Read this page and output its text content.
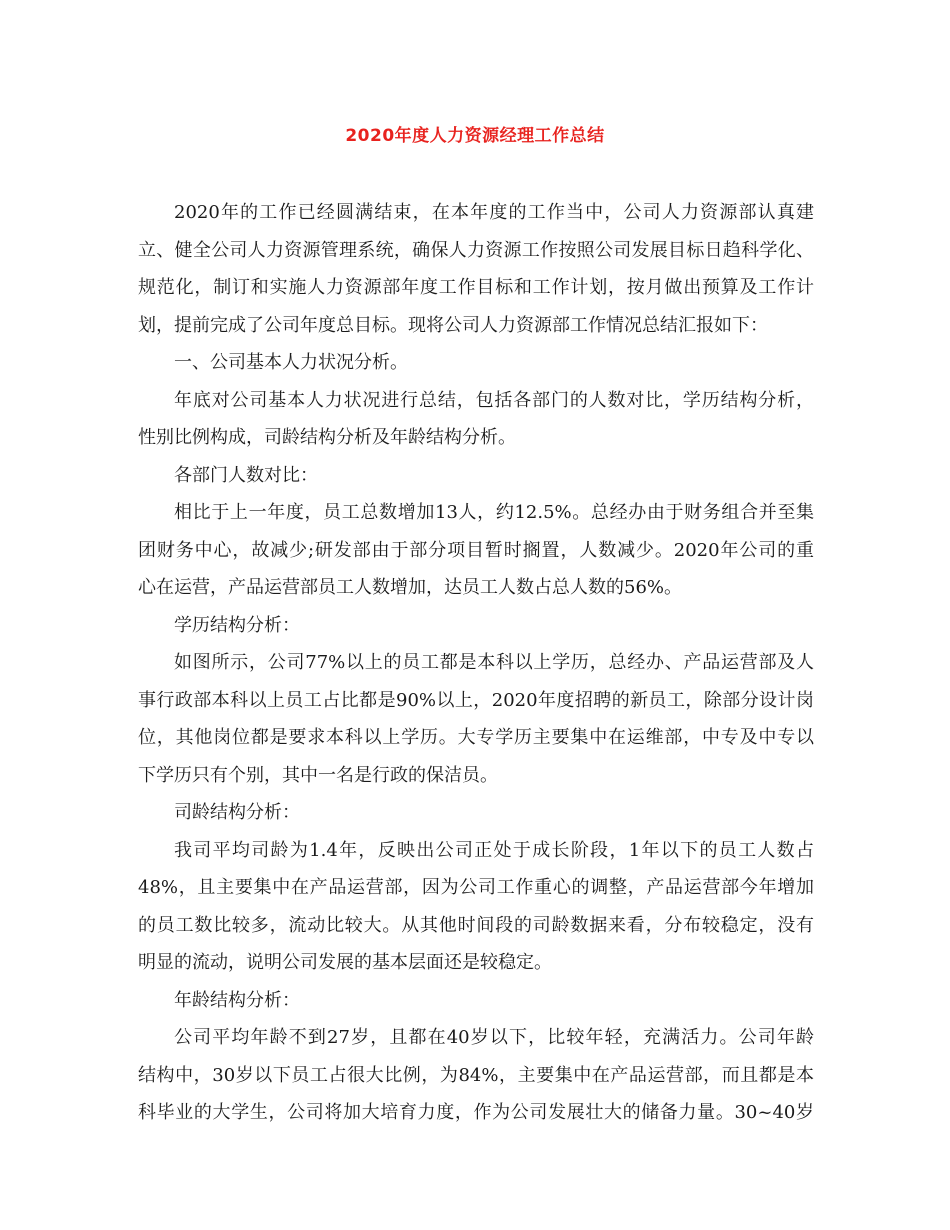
2020年度人力资源经理工作总结
2020年的工作已经圆满结束，在本年度的工作当中，公司人力资源部认真建
立、健全公司人力资源管理系统，确保人力资源工作按照公司发展目标日趋科学化、
规范化，制订和实施人力资源部年度工作目标和工作计划，按月做出预算及工作计
划，提前完成了公司年度总目标。现将公司人力资源部工作情况总结汇报如下：
一、公司基本人力状况分析。
年底对公司基本人力状况进行总结，包括各部门的人数对比，学历结构分析，
性别比例构成，司龄结构分析及年龄结构分析。
各部门人数对比：
相比于上一年度，员工总数增加13人，约12.5%。总经办由于财务组合并至集
团财务中心，故减少;研发部由于部分项目暂时搁置，人数减少。2020年公司的重
心在运营，产品运营部员工人数增加，达员工人数占总人数的56%。
学历结构分析：
如图所示，公司77%以上的员工都是本科以上学历，总经办、产品运营部及人
事行政部本科以上员工占比都是90%以上，2020年度招聘的新员工，除部分设计岗
位，其他岗位都是要求本科以上学历。大专学历主要集中在运维部，中专及中专以
下学历只有个别，其中一名是行政的保洁员。
司龄结构分析：
我司平均司龄为1.4年，反映出公司正处于成长阶段，1年以下的员工人数占
48%，且主要集中在产品运营部，因为公司工作重心的调整，产品运营部今年增加
的员工数比较多，流动比较大。从其他时间段的司龄数据来看，分布较稳定，没有
明显的流动，说明公司发展的基本层面还是较稳定。
年龄结构分析：
公司平均年龄不到27岁，且都在40岁以下，比较年轻，充满活力。公司年龄
结构中，30岁以下员工占很大比例，为84%，主要集中在产品运营部，而且都是本
科毕业的大学生，公司将加大培育力度，作为公司发展壮大的储备力量。30~40岁
